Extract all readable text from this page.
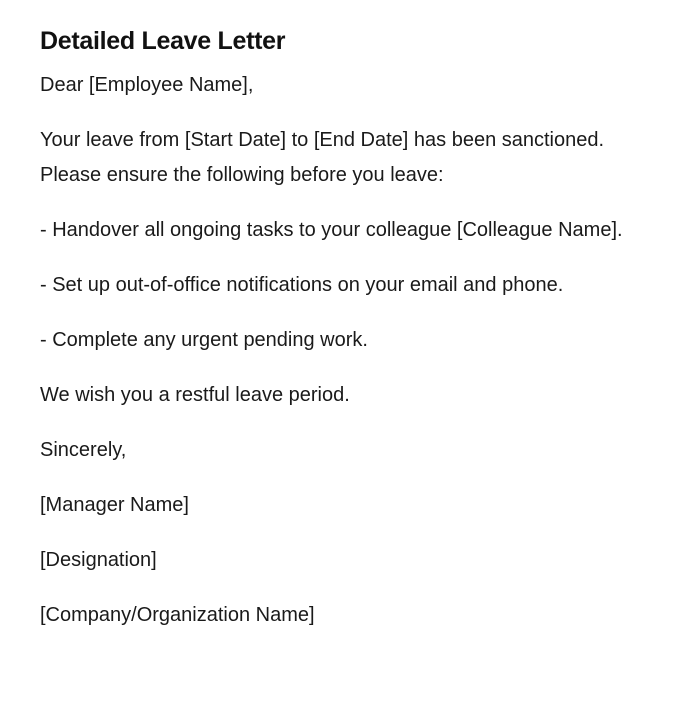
Detailed Leave Letter

Dear [Employee Name],

Your leave from [Start Date] to [End Date] has been sanctioned. Please ensure the following before you leave:

- Handover all ongoing tasks to your colleague [Colleague Name].

- Set up out-of-office notifications on your email and phone.

- Complete any urgent pending work.

We wish you a restful leave period.

Sincerely,

[Manager Name]

[Designation]

[Company/Organization Name]
